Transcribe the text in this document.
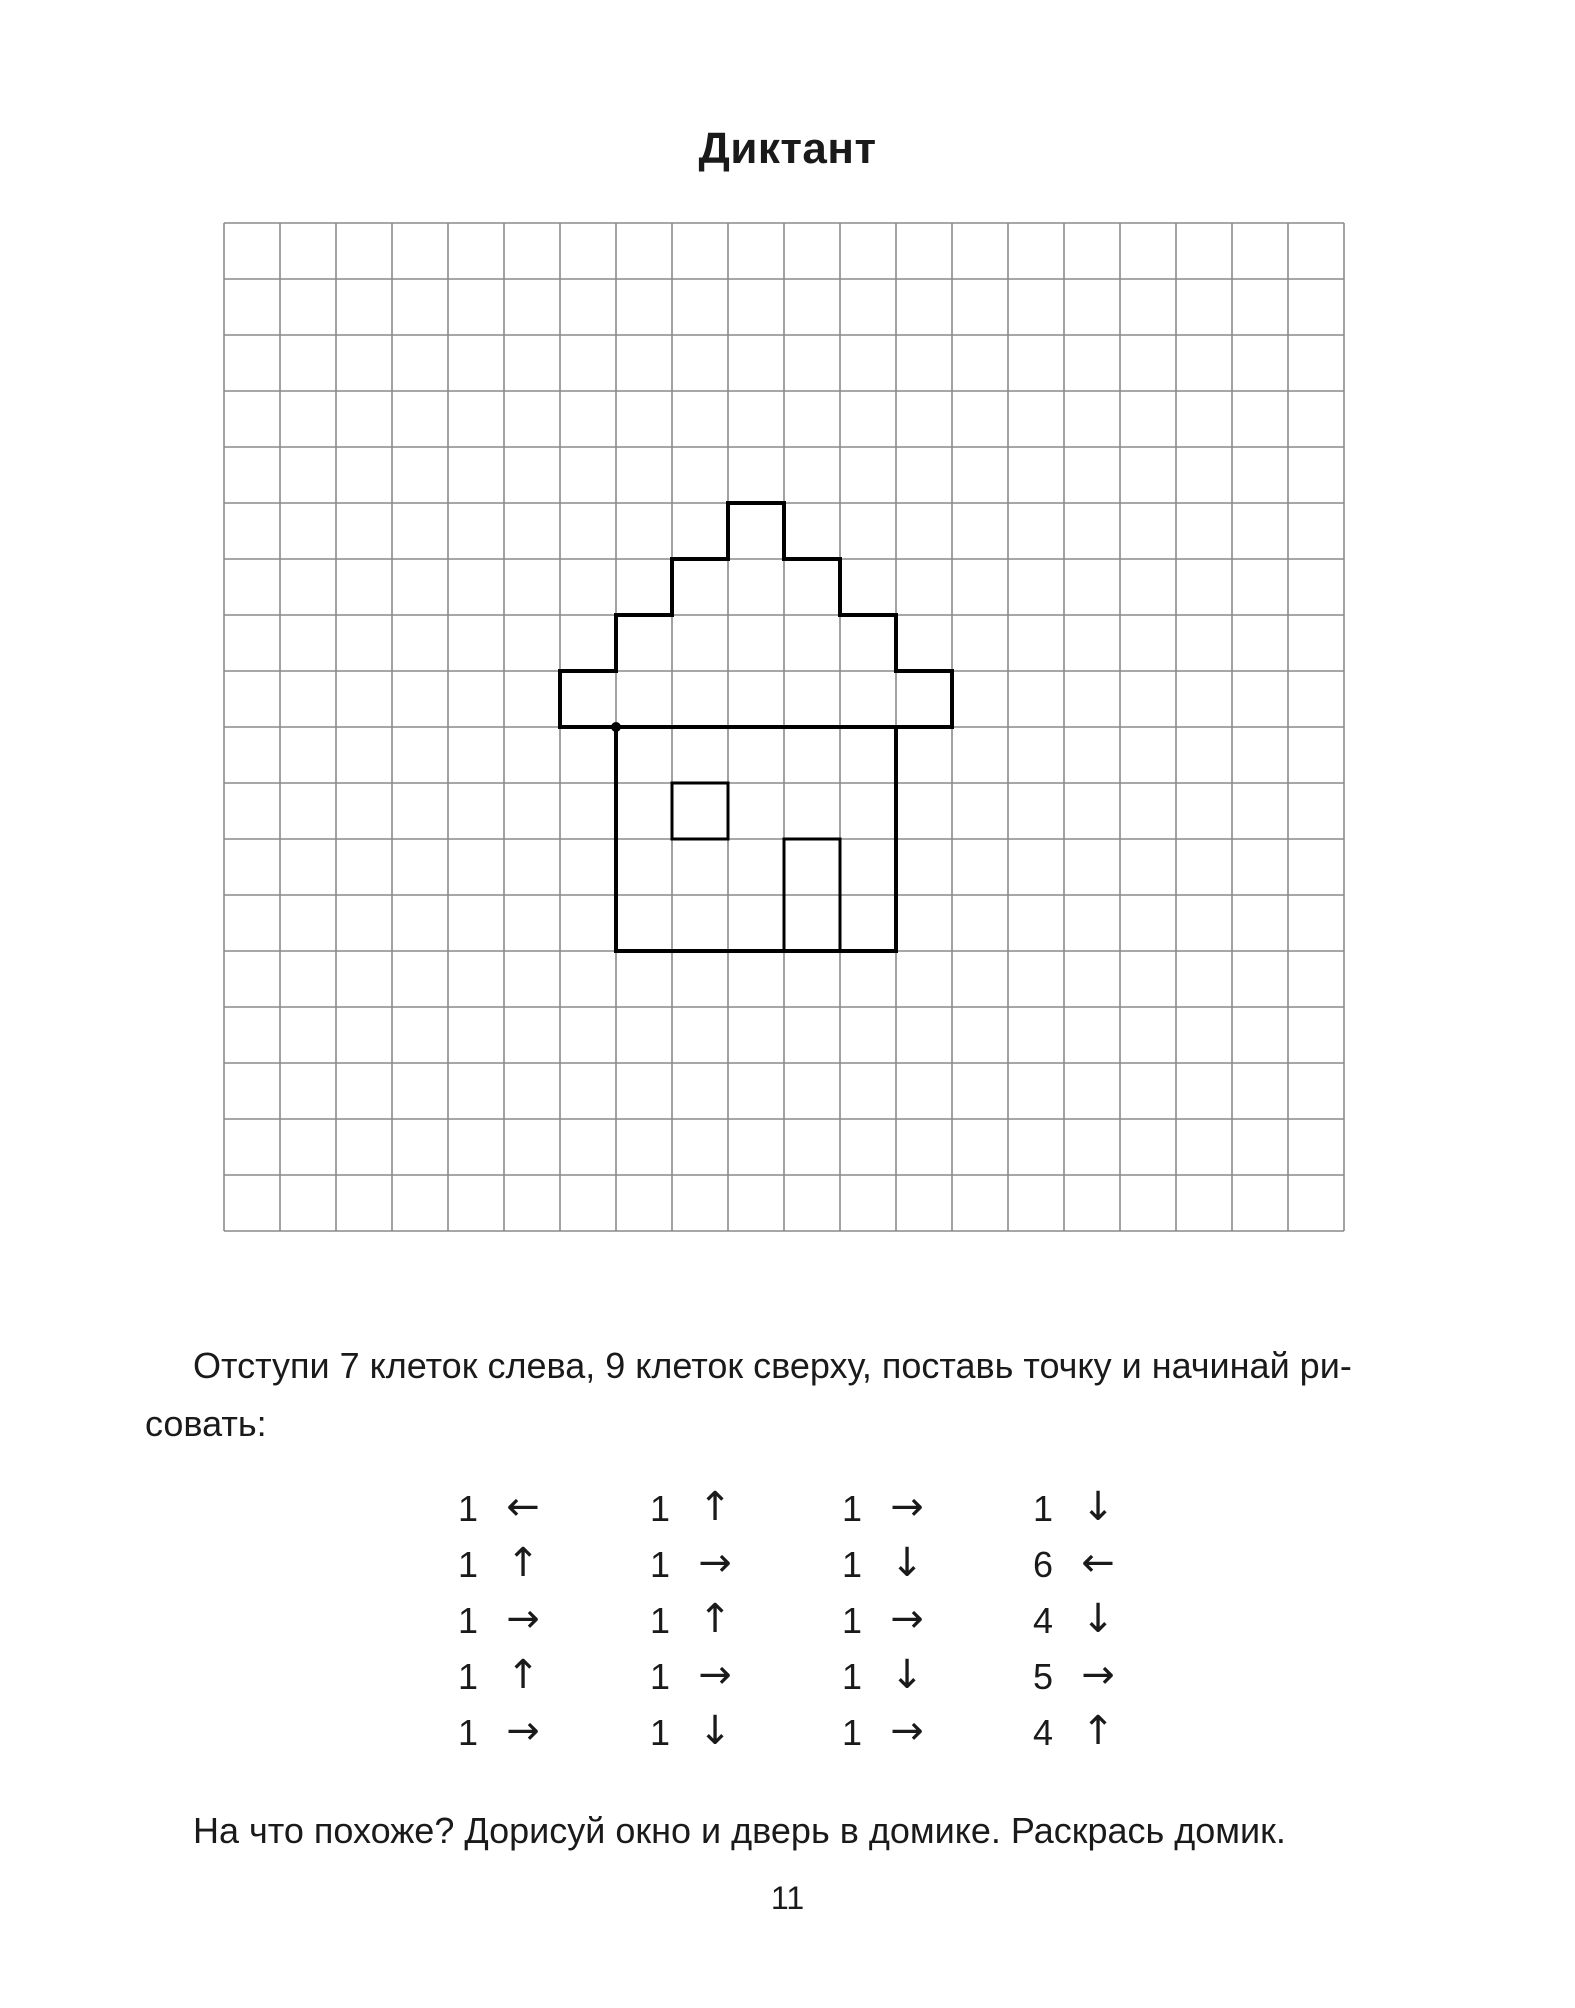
Диктант
Отступи 7 клеток слева, 9 клеток сверху, поставь точку и начинай ри-
совать:
1 ←
1 ↑
1 →
1 ↑
1 →
1 ↑
1 →
1 ↑
1 →
1 ↓
1 →
1 ↓
1 →
1 ↓
1 →
1 ↓
6 ←
4 ↓
5 →
4 ↑
На что похоже? Дорисуй окно и дверь в домике. Раскрась домик.
11
